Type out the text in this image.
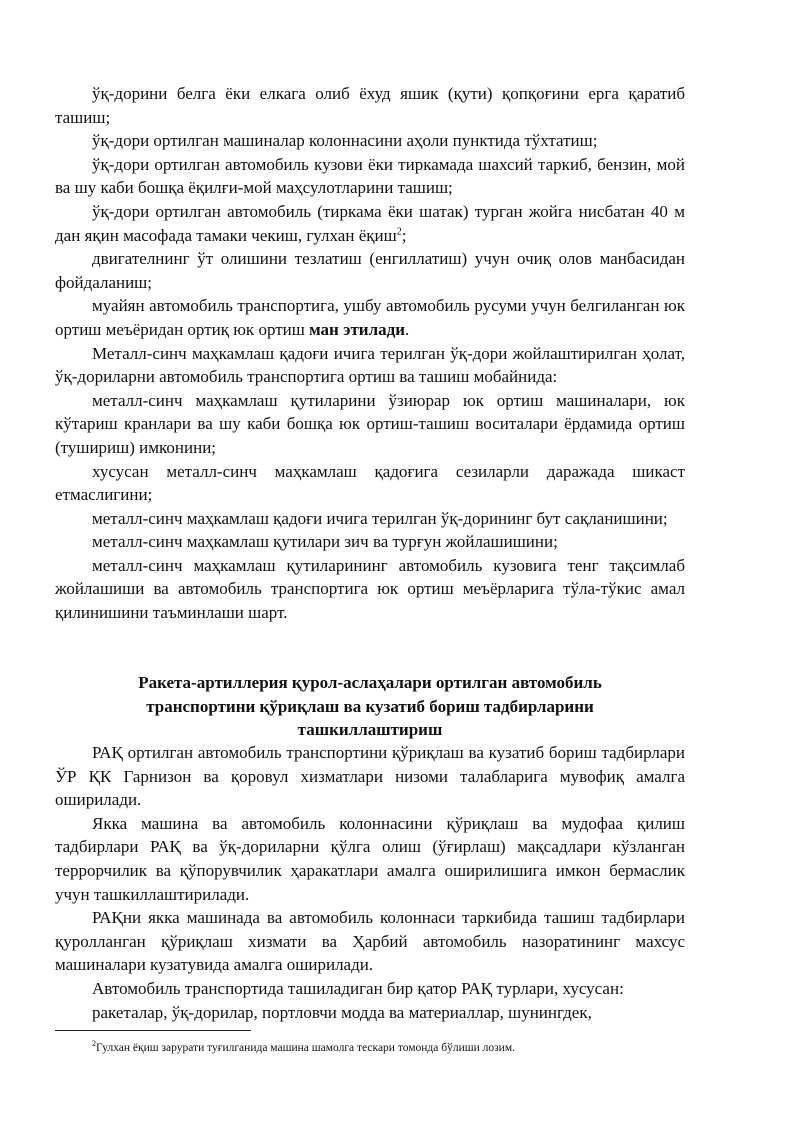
ўқ-дорини белга ёки елкага олиб ёхуд яшик (қути) қопқоғини ерга қаратиб ташиш;

ўқ-дори ортилган машиналар колоннасини аҳоли пунктида тўхтатиш;

ўқ-дори ортилган автомобиль кузови ёки тиркамада шахсий таркиб, бензин, мой ва шу каби бошқа ёқилғи-мой маҳсулотларини ташиш;

ўқ-дори ортилган автомобиль (тиркама ёки шатак) турган жойга нисбатан 40 м дан яқин масофада тамаки чекиш, гулхан ёқиш$^2$;

двигателнинг ўт олишини тезлатиш (енгиллатиш) учун очиқ олов манбасидан фойдаланиш;

муайян автомобиль транспортига, ушбу автомобиль русуми учун белгиланган юк ортиш меъёридан ортиқ юк ортиш ман этилади.

Металл-синч маҳкамлаш қадоғи ичига терилган ўқ-дори жойлаштирилган ҳолат, ўқ-дориларни автомобиль транспортига ортиш ва ташиш мобайнида:

металл-синч маҳкамлаш қутиларини ўзиюрар юк ортиш машиналари, юк кўтариш кранлари ва шу каби бошқа юк ортиш-ташиш воситалари ёрдамида ортиш (тушириш) имконини;

хусусан металл-синч маҳкамлаш қадоғига сезиларли даражада шикаст етмаслигини;

металл-синч маҳкамлаш қадоғи ичига терилган ўқ-дорининг бут сақланишини;

металл-синч маҳкамлаш қутилари зич ва турғун жойлашишини;

металл-синч маҳкамлаш қутиларининг автомобиль кузовига тенг тақсимлаб жойлашиши ва автомобиль транспортига юк ортиш меъёрларига тўла-тўкис амал қилинишини таъминлаши шарт.

Ракета-артиллерия қурол-аслаҳалари ортилган автомобиль
транспортини қўриқлаш ва кузатиб бориш тадбирларини
ташкиллаштириш

РАҚ ортилган автомобиль транспортини қўриқлаш ва кузатиб бориш тадбирлари ЎР ҚК Гарнизон ва қоровул хизматлари низоми талабларига мувофиқ амалга оширилади.

Якка машина ва автомобиль колоннасини қўриқлаш ва мудофаа қилиш тадбирлари РАҚ ва ўқ-дориларни қўлга олиш (ўғирлаш) мақсадлари кўзланган террорчилик ва қўпорувчилик ҳаракатлари амалга оширилишига имкон бермаслик учун ташкиллаштирилади.

РАҚни якка машинада ва автомобиль колоннаси таркибида ташиш тадбирлари қуролланган қўриқлаш хизмати ва Ҳарбий автомобиль назоратининг махсус машиналари кузатувида амалга оширилади.

Автомобиль транспортида ташиладиган бир қатор РАҚ турлари, хусусан:

ракеталар, ўқ-дорилар, портловчи модда ва материаллар, шунингдек,

$^2$Гулхан ёқиш зарурати туғилганида машина шамолга тескари томонда бўлиши лозим.
